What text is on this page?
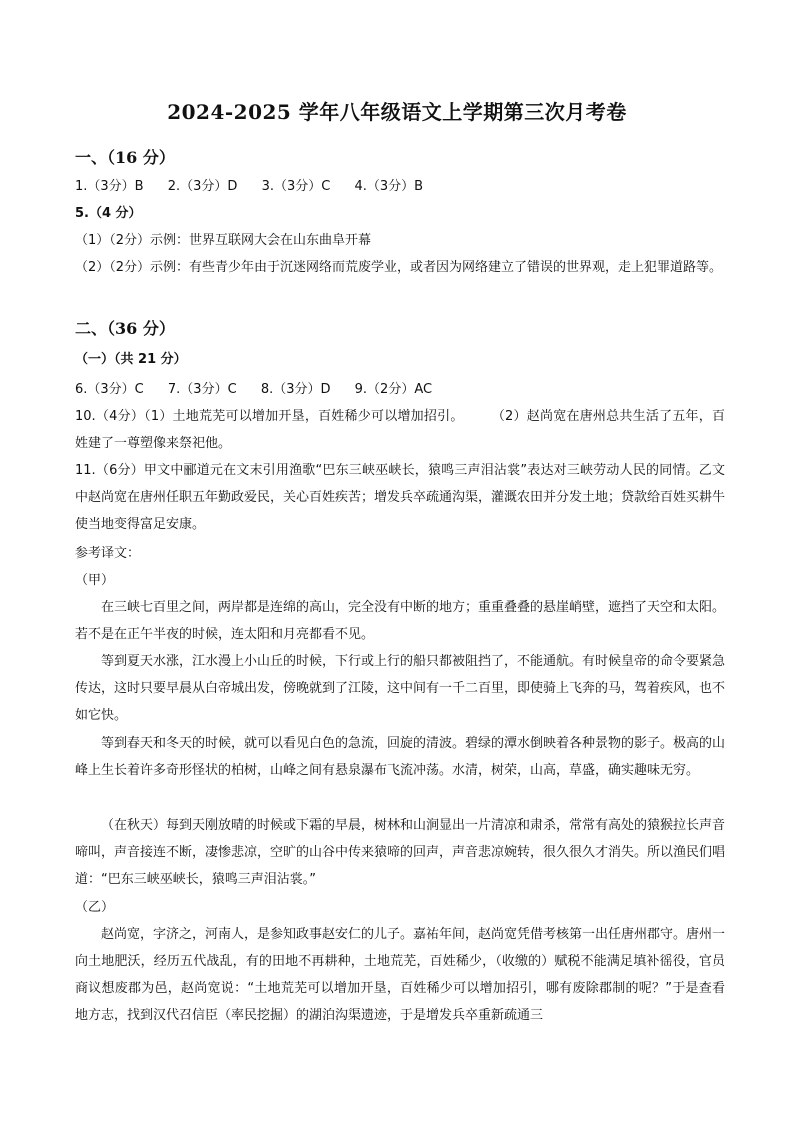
2024-2025 学年八年级语文上学期第三次月考卷
一、（16 分）
1.（3分）B 2.（3分）D 3.（3分）C 4.（3分）B
5.（4 分）
（1）（2分）示例：世界互联网大会在山东曲阜开幕
（2）（2分）示例：有些青少年由于沉迷网络而荒废学业，或者因为网络建立了错误的世界观，走上犯罪道路等。
二、（36 分）
（一）（共 21 分）
6.（3分）C 7.（3分）C 8.（3分）D 9.（2分）AC
10.（4分）（1）土地荒芜可以增加开垦，百姓稀少可以增加招引。 （2）赵尚宽在唐州总共生活了五年，百姓建了一尊塑像来祭祀他。
11.（6分）甲文中郦道元在文末引用渔歌“巴东三峡巫峡长，猿鸣三声泪沾裳”表达对三峡劳动人民的同情。乙文中赵尚宽在唐州任职五年勤政爱民，关心百姓疾苦；增发兵卒疏通沟渠，灌溉农田并分发土地；贷款给百姓买耕牛使当地变得富足安康。
参考译文：
（甲）
在三峡七百里之间，两岸都是连绵的高山，完全没有中断的地方；重重叠叠的悬崖峭壁，遮挡了天空和太阳。若不是在正午半夜的时候，连太阳和月亮都看不见。
等到夏天水涨，江水漫上小山丘的时候，下行或上行的船只都被阻挡了，不能通航。有时候皇帝的命令要紧急传达，这时只要早晨从白帝城出发，傍晚就到了江陵，这中间有一千二百里，即使骑上飞奔的马，驾着疾风，也不如它快。
等到春天和冬天的时候，就可以看见白色的急流，回旋的清波。碧绿的潭水倒映着各种景物的影子。极高的山峰上生长着许多奇形怪状的柏树，山峰之间有悬泉瀑布飞流冲荡。水清，树荣，山高，草盛，确实趣味无穷。
（在秋天）每到天刚放晴的时候或下霜的早晨，树林和山涧显出一片清凉和肃杀，常常有高处的猿猴拉长声音啼叫，声音接连不断，凄惨悲凉，空旷的山谷中传来猿啼的回声，声音悲凉婉转，很久很久才消失。所以渔民们唱道：“巴东三峡巫峡长，猿鸣三声泪沾裳。”
（乙）
赵尚宽，字济之，河南人，是参知政事赵安仁的儿子。嘉祐年间，赵尚宽凭借考核第一出任唐州郡守。唐州一向土地肥沃，经历五代战乱，有的田地不再耕种，土地荒芜，百姓稀少，（收缴的）赋税不能满足填补徭役，官员商议想废郡为邑，赵尚宽说：“土地荒芜可以增加开垦，百姓稀少可以增加招引，哪有废除郡制的呢？”于是查看地方志，找到汉代召信臣（率民挖掘）的湖泊沟渠遗迹，于是增发兵卒重新疏通三
